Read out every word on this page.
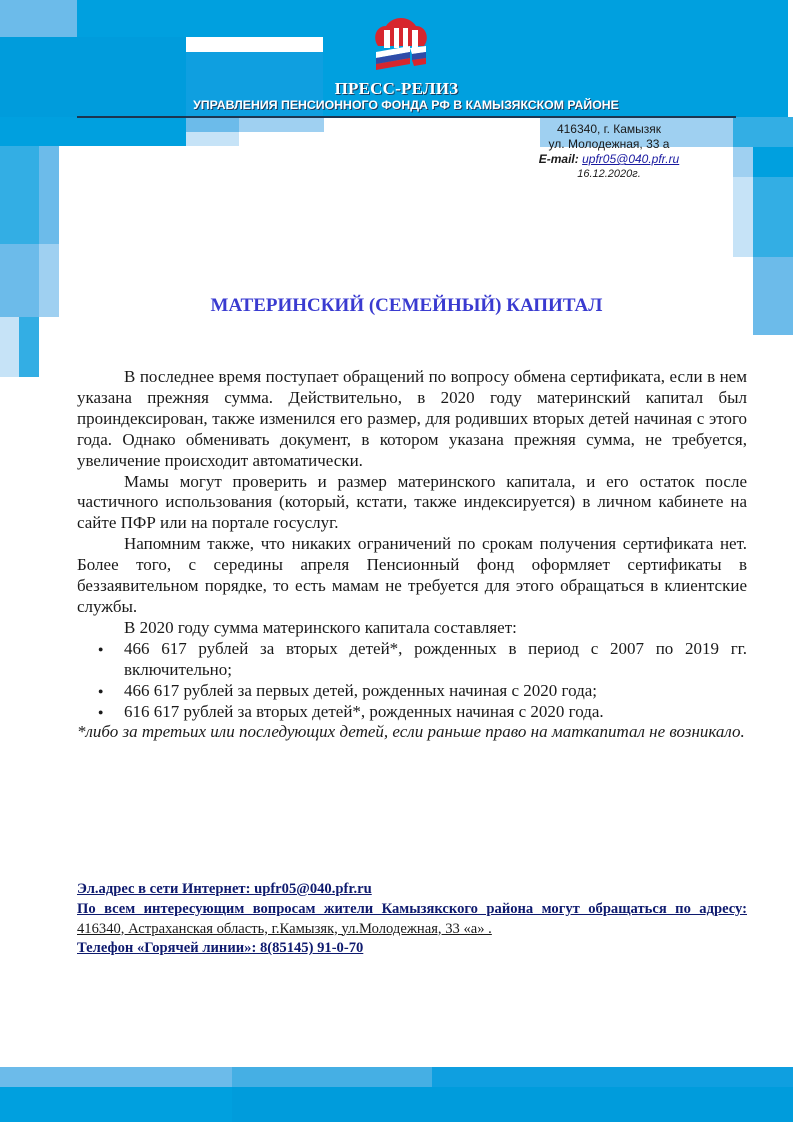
ПРЕСС-РЕЛИЗ
УПРАВЛЕНИЯ ПЕНСИОННОГО ФОНДА РФ В КАМЫЗЯКСКОМ РАЙОНЕ
416340, г. Камызяк
ул. Молодежная, 33 а
E-mail: upfr05@040.pfr.ru
16.12.2020г.
МАТЕРИНСКИЙ (СЕМЕЙНЫЙ) КАПИТАЛ

В последнее время поступает обращений по вопросу обмена сертификата, если в нем указана прежняя сумма. Действительно, в 2020 году материнский капитал был проиндексирован, также изменился его размер, для родивших вторых детей начиная с этого года. Однако обменивать документ, в котором указана прежняя сумма, не требуется, увеличение происходит автоматически.

Мамы могут проверить и размер материнского капитала, и его остаток после частичного использования (который, кстати, также индексируется) в личном кабинете на сайте ПФР или на портале госуслуг.

Напомним также, что никаких ограничений по срокам получения сертификата нет. Более того, с середины апреля Пенсионный фонд оформляет сертификаты в беззаявительном порядке, то есть мамам не требуется для этого обращаться в клиентские службы.

В 2020 году сумма материнского капитала составляет:

● 466 617 рублей за вторых детей*, рожденных в период с 2007 по 2019 гг. включительно;
● 466 617 рублей за первых детей, рожденных начиная с 2020 года;
● 616 617 рублей за вторых детей*, рожденных начиная с 2020 года.

*либо за третьих или последующих детей, если раньше право на маткапитал не возникало.

Эл.адрес в сети Интернет: upfr05@040.pfr.ru
По всем интересующим вопросам жители Камызякского района могут обращаться по адресу: 416340, Астраханская область, г.Камызяк, ул.Молодежная, 33 «а» .
Телефон «Горячей линии»: 8(85145) 91-0-70
